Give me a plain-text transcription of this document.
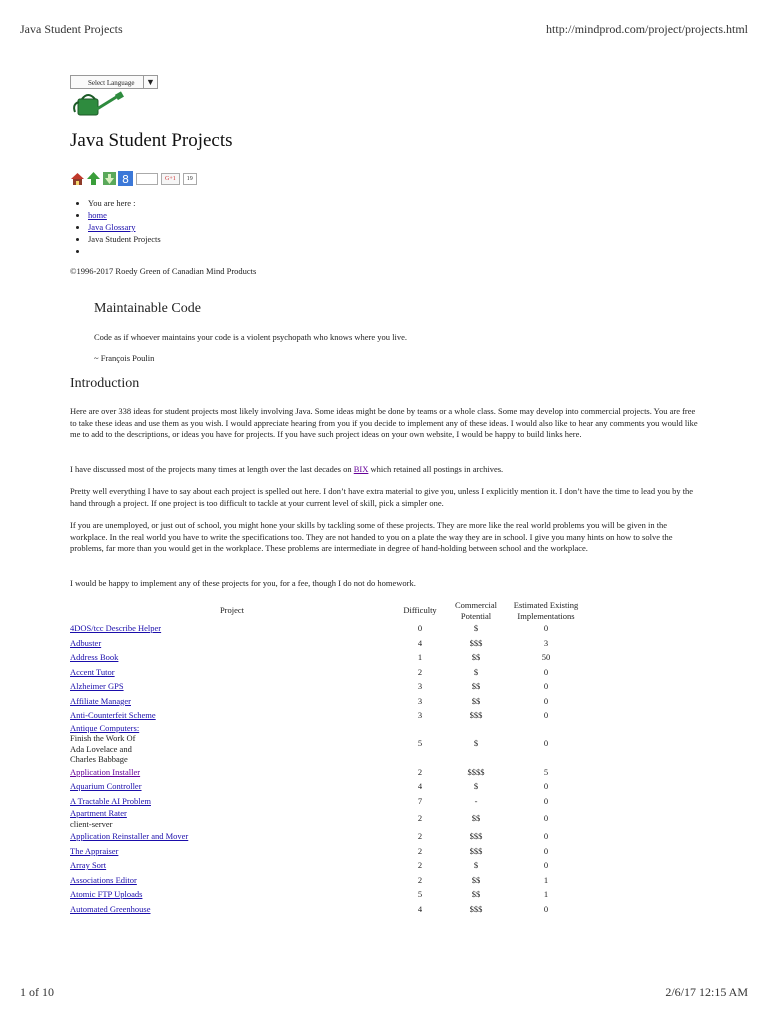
Java Student Projects	http://mindprod.com/project/projects.html
Select Language	▼
Java Student Projects
8	G+1	19
• You are here :
• home
• Java Glossary
• Java Student Projects
•
©1996-2017 Roedy Green of Canadian Mind Products
Maintainable Code
Code as if whoever maintains your code is a violent psychopath who knows where you live.
~ François Poulin
Introduction

Here are over 338 ideas for student projects most likely involving Java. Some ideas might be done by teams or a whole class. Some may develop into commercial projects. You are free to take these ideas and use them as you wish. I would appreciate hearing from you if you decide to implement any of these ideas. I would also like to hear any comments you would like me to add to the descriptions, or ideas you have for projects. If you have such project ideas on your own website, I would be happy to build links here.

I have discussed most of the projects many times at length over the last decades on BIX which retained all postings in archives.

Pretty well everything I have to say about each project is spelled out here. I don’t have extra material to give you, unless I explicitly mention it. I don’t have the time to lead you by the hand through a project. If one project is too difficult to tackle at your current level of skill, pick a simpler one.

If you are unemployed, or just out of school, you might hone your skills by tackling some of these projects. They are more like the real world problems you will be given in the workplace. In the real world you have to write the specifications too. They are not handed to you on a plate the way they are in school. I give you many hints on how to solve the problems, far more than you would get in the workplace. These problems are intermediate in degree of hand-holding between school and the workplace.

I would be happy to implement any of these projects for you, for a fee, though I do not do homework.

Project	Difficulty	Commercial Potential	Estimated Existing Implementations
4DOS/tcc Describe Helper	0	$	0
Adbuster	4	$$$	3
Address Book	1	$$	50
Accent Tutor	2	$	0
Alzheimer GPS	3	$$	0
Affiliate Manager	3	$$	0
Anti-Counterfeit Scheme	3	$$$	0
Antique Computers:
Finish the Work Of
Ada Lovelace and
Charles Babbage	5	$	0
Application Installer	2	$$$$	5
Aquarium Controller	4	$	0
A Tractable AI Problem	7	-	0
Apartment Rater
client-server	2	$$	0
Application Reinstaller and Mover	2	$$$	0
The Appraiser	2	$$$	0
Array Sort	2	$	0
Associations Editor	2	$$	1
Atomic FTP Uploads	5	$$	1
Automated Greenhouse	4	$$$	0
1 of 10	2/6/17 12:15 AM
